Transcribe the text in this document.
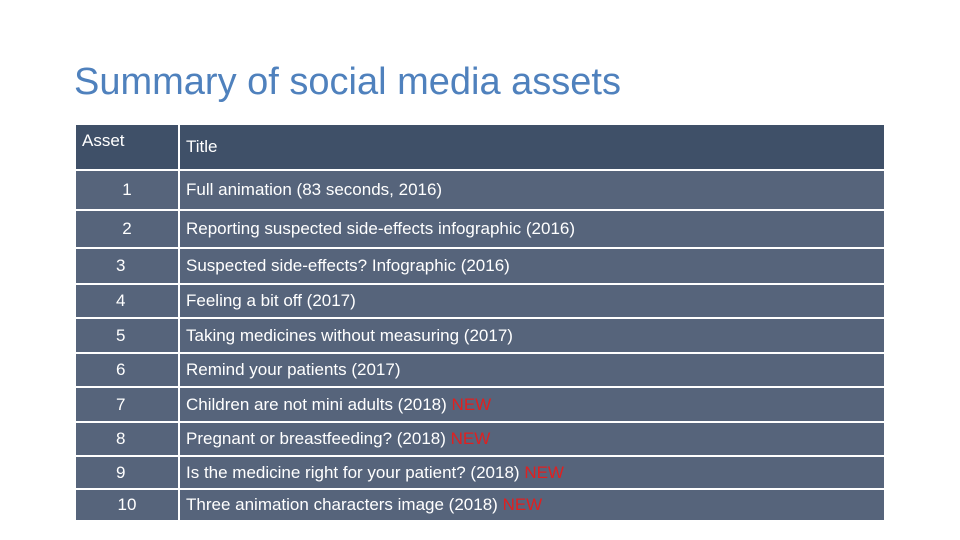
Summary of social media assets
Asset	Title
1	Full animation (83 seconds, 2016)
2	Reporting suspected side-effects infographic (2016)
3	Suspected side-effects? Infographic (2016)
4	Feeling a bit off (2017)
5	Taking medicines without measuring (2017)
6	Remind your patients (2017)
7	Children are not mini adults (2018) NEW
8	Pregnant or breastfeeding? (2018) NEW
9	Is the medicine right for your patient? (2018) NEW
10	Three animation characters image (2018) NEW
